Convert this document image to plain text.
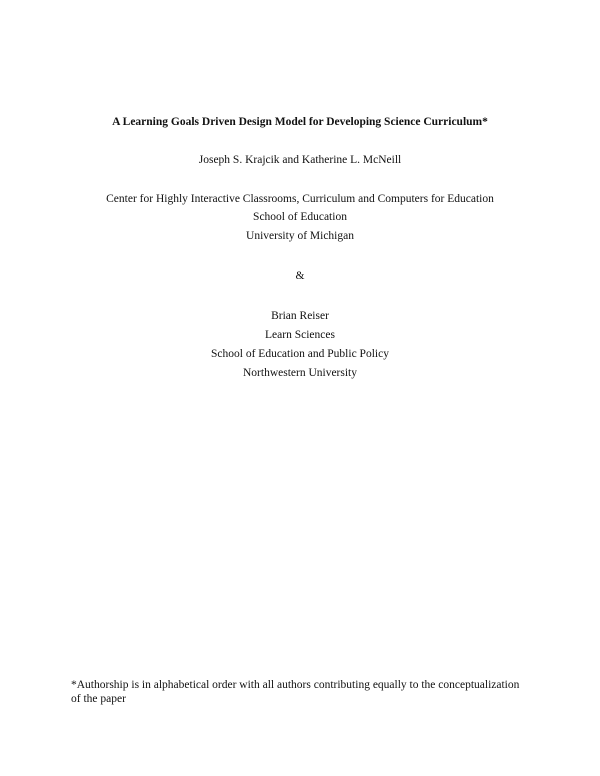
A Learning Goals Driven Design Model for Developing Science Curriculum*
Joseph S. Krajcik and Katherine L. McNeill
Center for Highly Interactive Classrooms, Curriculum and Computers for Education
School of Education
University of Michigan
&
Brian Reiser
Learn Sciences
School of Education and Public Policy
Northwestern University
*Authorship is in alphabetical order with all authors contributing equally to the conceptualization
of the paper
